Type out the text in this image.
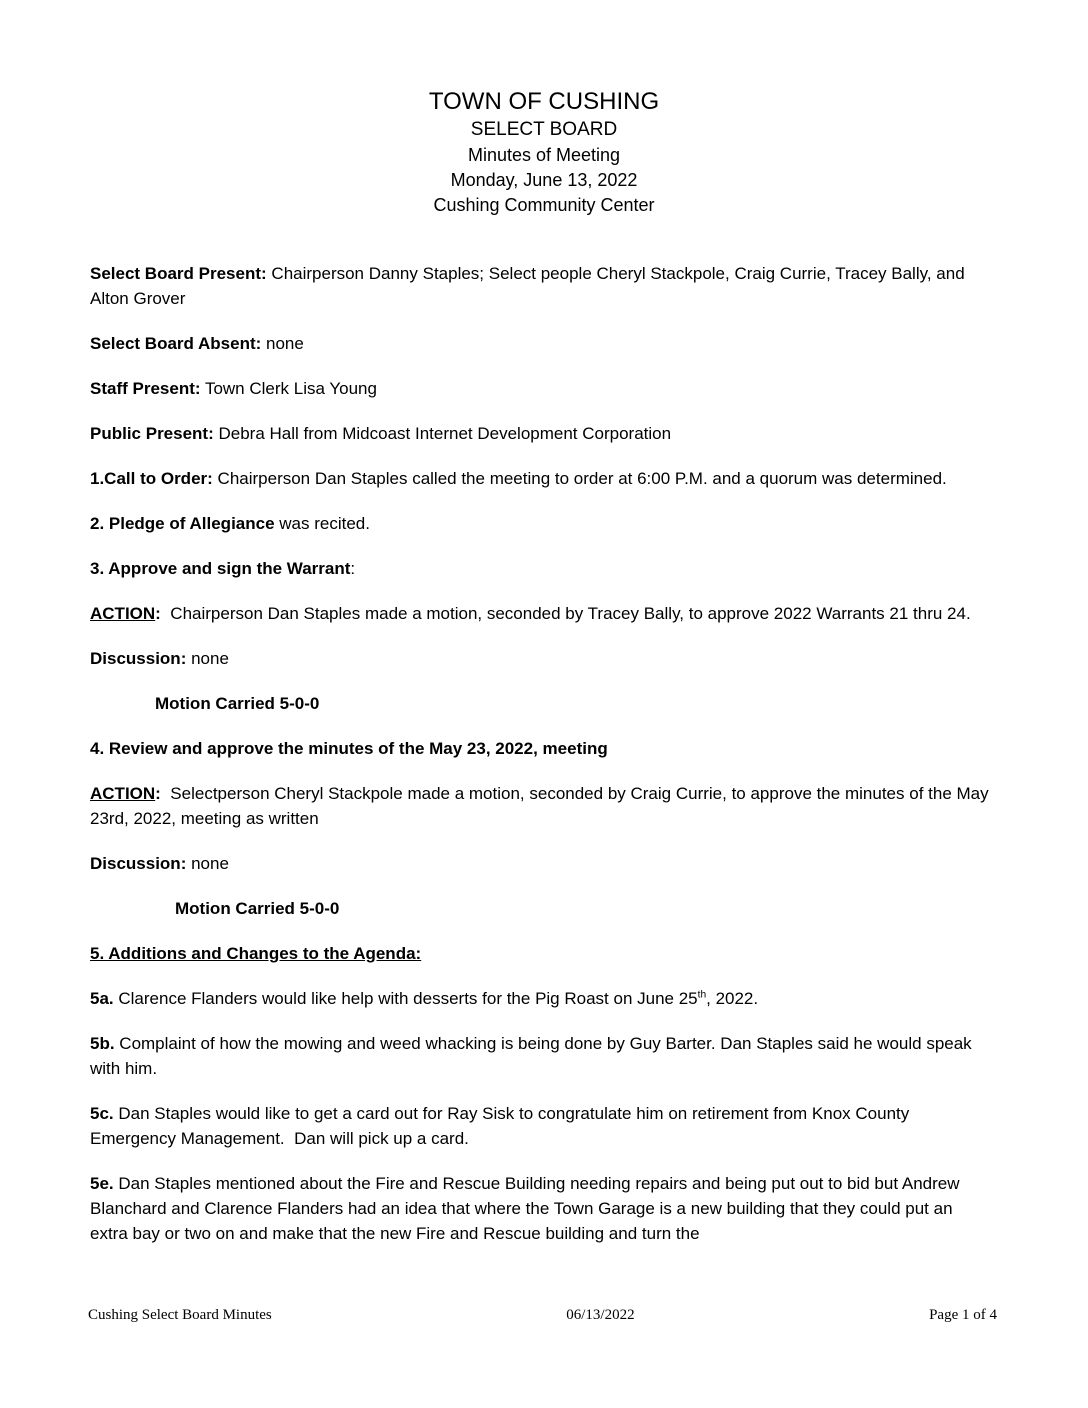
TOWN OF CUSHING
SELECT BOARD
Minutes of Meeting
Monday, June 13, 2022
Cushing Community Center

Select Board Present: Chairperson Danny Staples; Select people Cheryl Stackpole, Craig Currie, Tracey Bally, and Alton Grover

Select Board Absent: none

Staff Present: Town Clerk Lisa Young

Public Present: Debra Hall from Midcoast Internet Development Corporation

1.Call to Order: Chairperson Dan Staples called the meeting to order at 6:00 P.M. and a quorum was determined.

2. Pledge of Allegiance was recited.

3. Approve and sign the Warrant:

ACTION:  Chairperson Dan Staples made a motion, seconded by Tracey Bally, to approve 2022 Warrants 21 thru 24.

Discussion: none

Motion Carried 5-0-0

4. Review and approve the minutes of the May 23, 2022, meeting

ACTION:  Selectperson Cheryl Stackpole made a motion, seconded by Craig Currie, to approve the minutes of the May 23rd, 2022, meeting as written

Discussion: none

Motion Carried 5-0-0

5. Additions and Changes to the Agenda:

5a. Clarence Flanders would like help with desserts for the Pig Roast on June 25th, 2022.

5b. Complaint of how the mowing and weed whacking is being done by Guy Barter. Dan Staples said he would speak with him.

5c. Dan Staples would like to get a card out for Ray Sisk to congratulate him on retirement from Knox County Emergency Management.  Dan will pick up a card.

5e. Dan Staples mentioned about the Fire and Rescue Building needing repairs and being put out to bid but Andrew Blanchard and Clarence Flanders had an idea that where the Town Garage is a new building that they could put an extra bay or two on and make that the new Fire and Rescue building and turn the

Cushing Select Board Minutes	06/13/2022	Page 1 of 4
